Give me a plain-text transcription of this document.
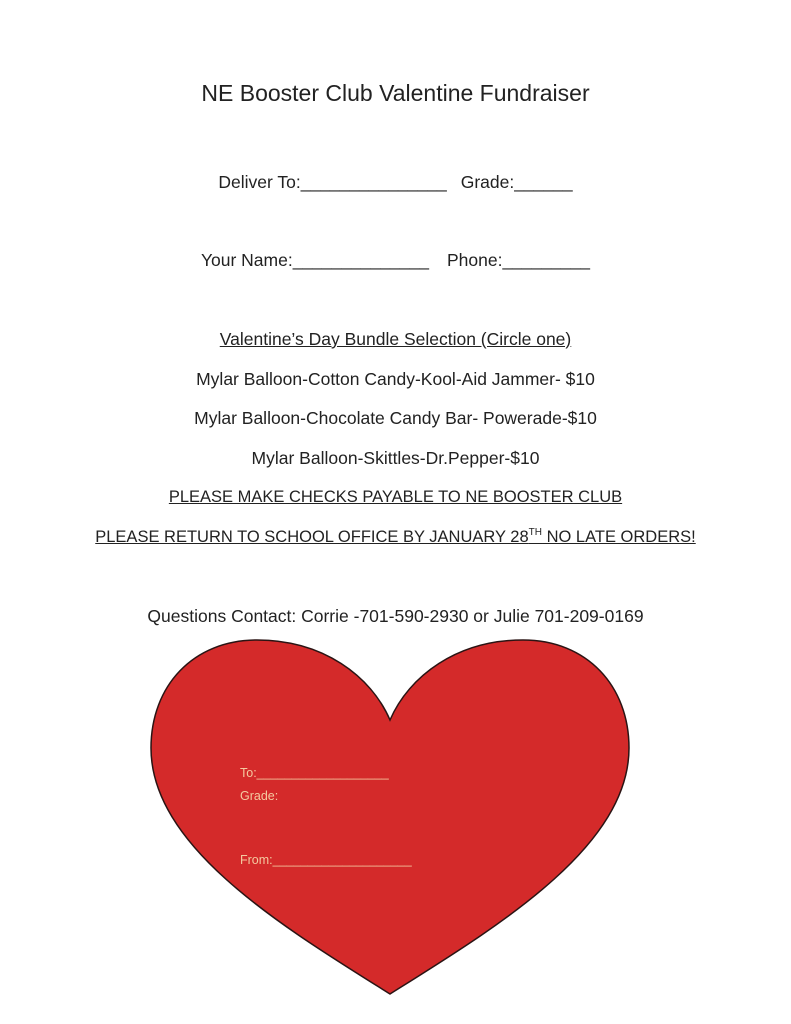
NE Booster Club Valentine Fundraiser
Deliver To:_______________ Grade:______
Your Name:______________ Phone:_________
Valentine’s Day Bundle Selection (Circle one)
Mylar Balloon-Cotton Candy-Kool-Aid Jammer- $10
Mylar Balloon-Chocolate Candy Bar- Powerade-$10
Mylar Balloon-Skittles-Dr.Pepper-$10
PLEASE MAKE CHECKS PAYABLE TO NE BOOSTER CLUB
PLEASE RETURN TO SCHOOL OFFICE BY JANUARY 28TH NO LATE ORDERS!
Questions Contact: Corrie -701-590-2930 or Julie 701-209-0169
To:___________________
Grade:
From:____________________
